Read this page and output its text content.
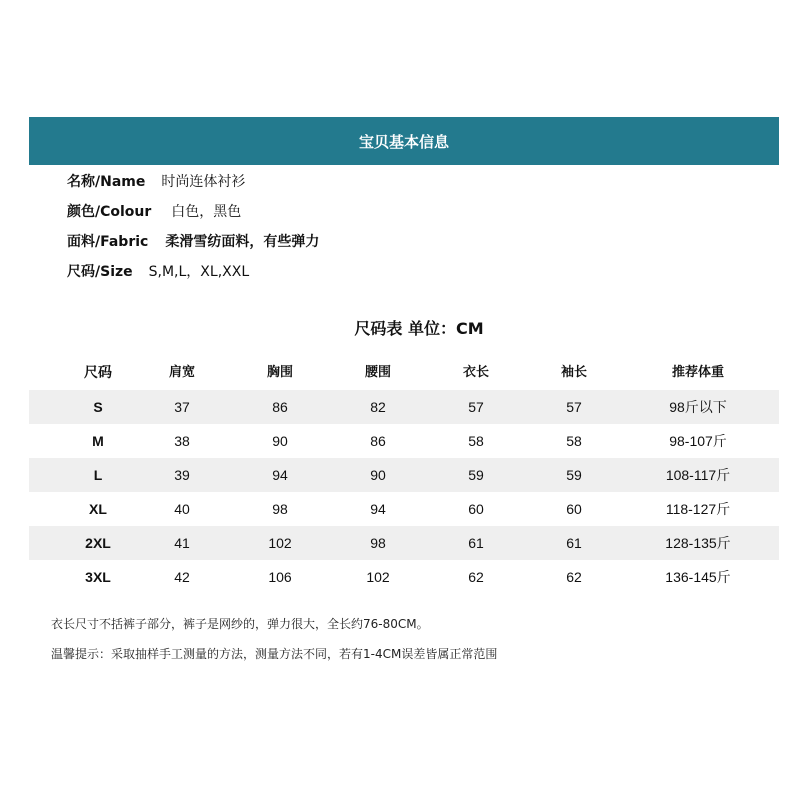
宝贝基本信息
名称/Name 时尚连体衬衫
颜色/Colour 白色，黑色
面料/Fabric 柔滑雪纺面料，有些弹力
尺码/Size S,M,L，XL,XXL
尺码表 单位：CM
尺码	肩宽	胸围	腰围	衣长	袖长	推荐体重
S	37	86	82	57	57	98斤以下
M	38	90	86	58	58	98-107斤
L	39	94	90	59	59	108-117斤
XL	40	98	94	60	60	118-127斤
2XL	41	102	98	61	61	128-135斤
3XL	42	106	102	62	62	136-145斤
衣长尺寸不括裤子部分，裤子是网纱的，弹力很大，全长约76-80CM。
温馨提示：采取抽样手工测量的方法，测量方法不同，若有1-4CM误差皆属正常范围
